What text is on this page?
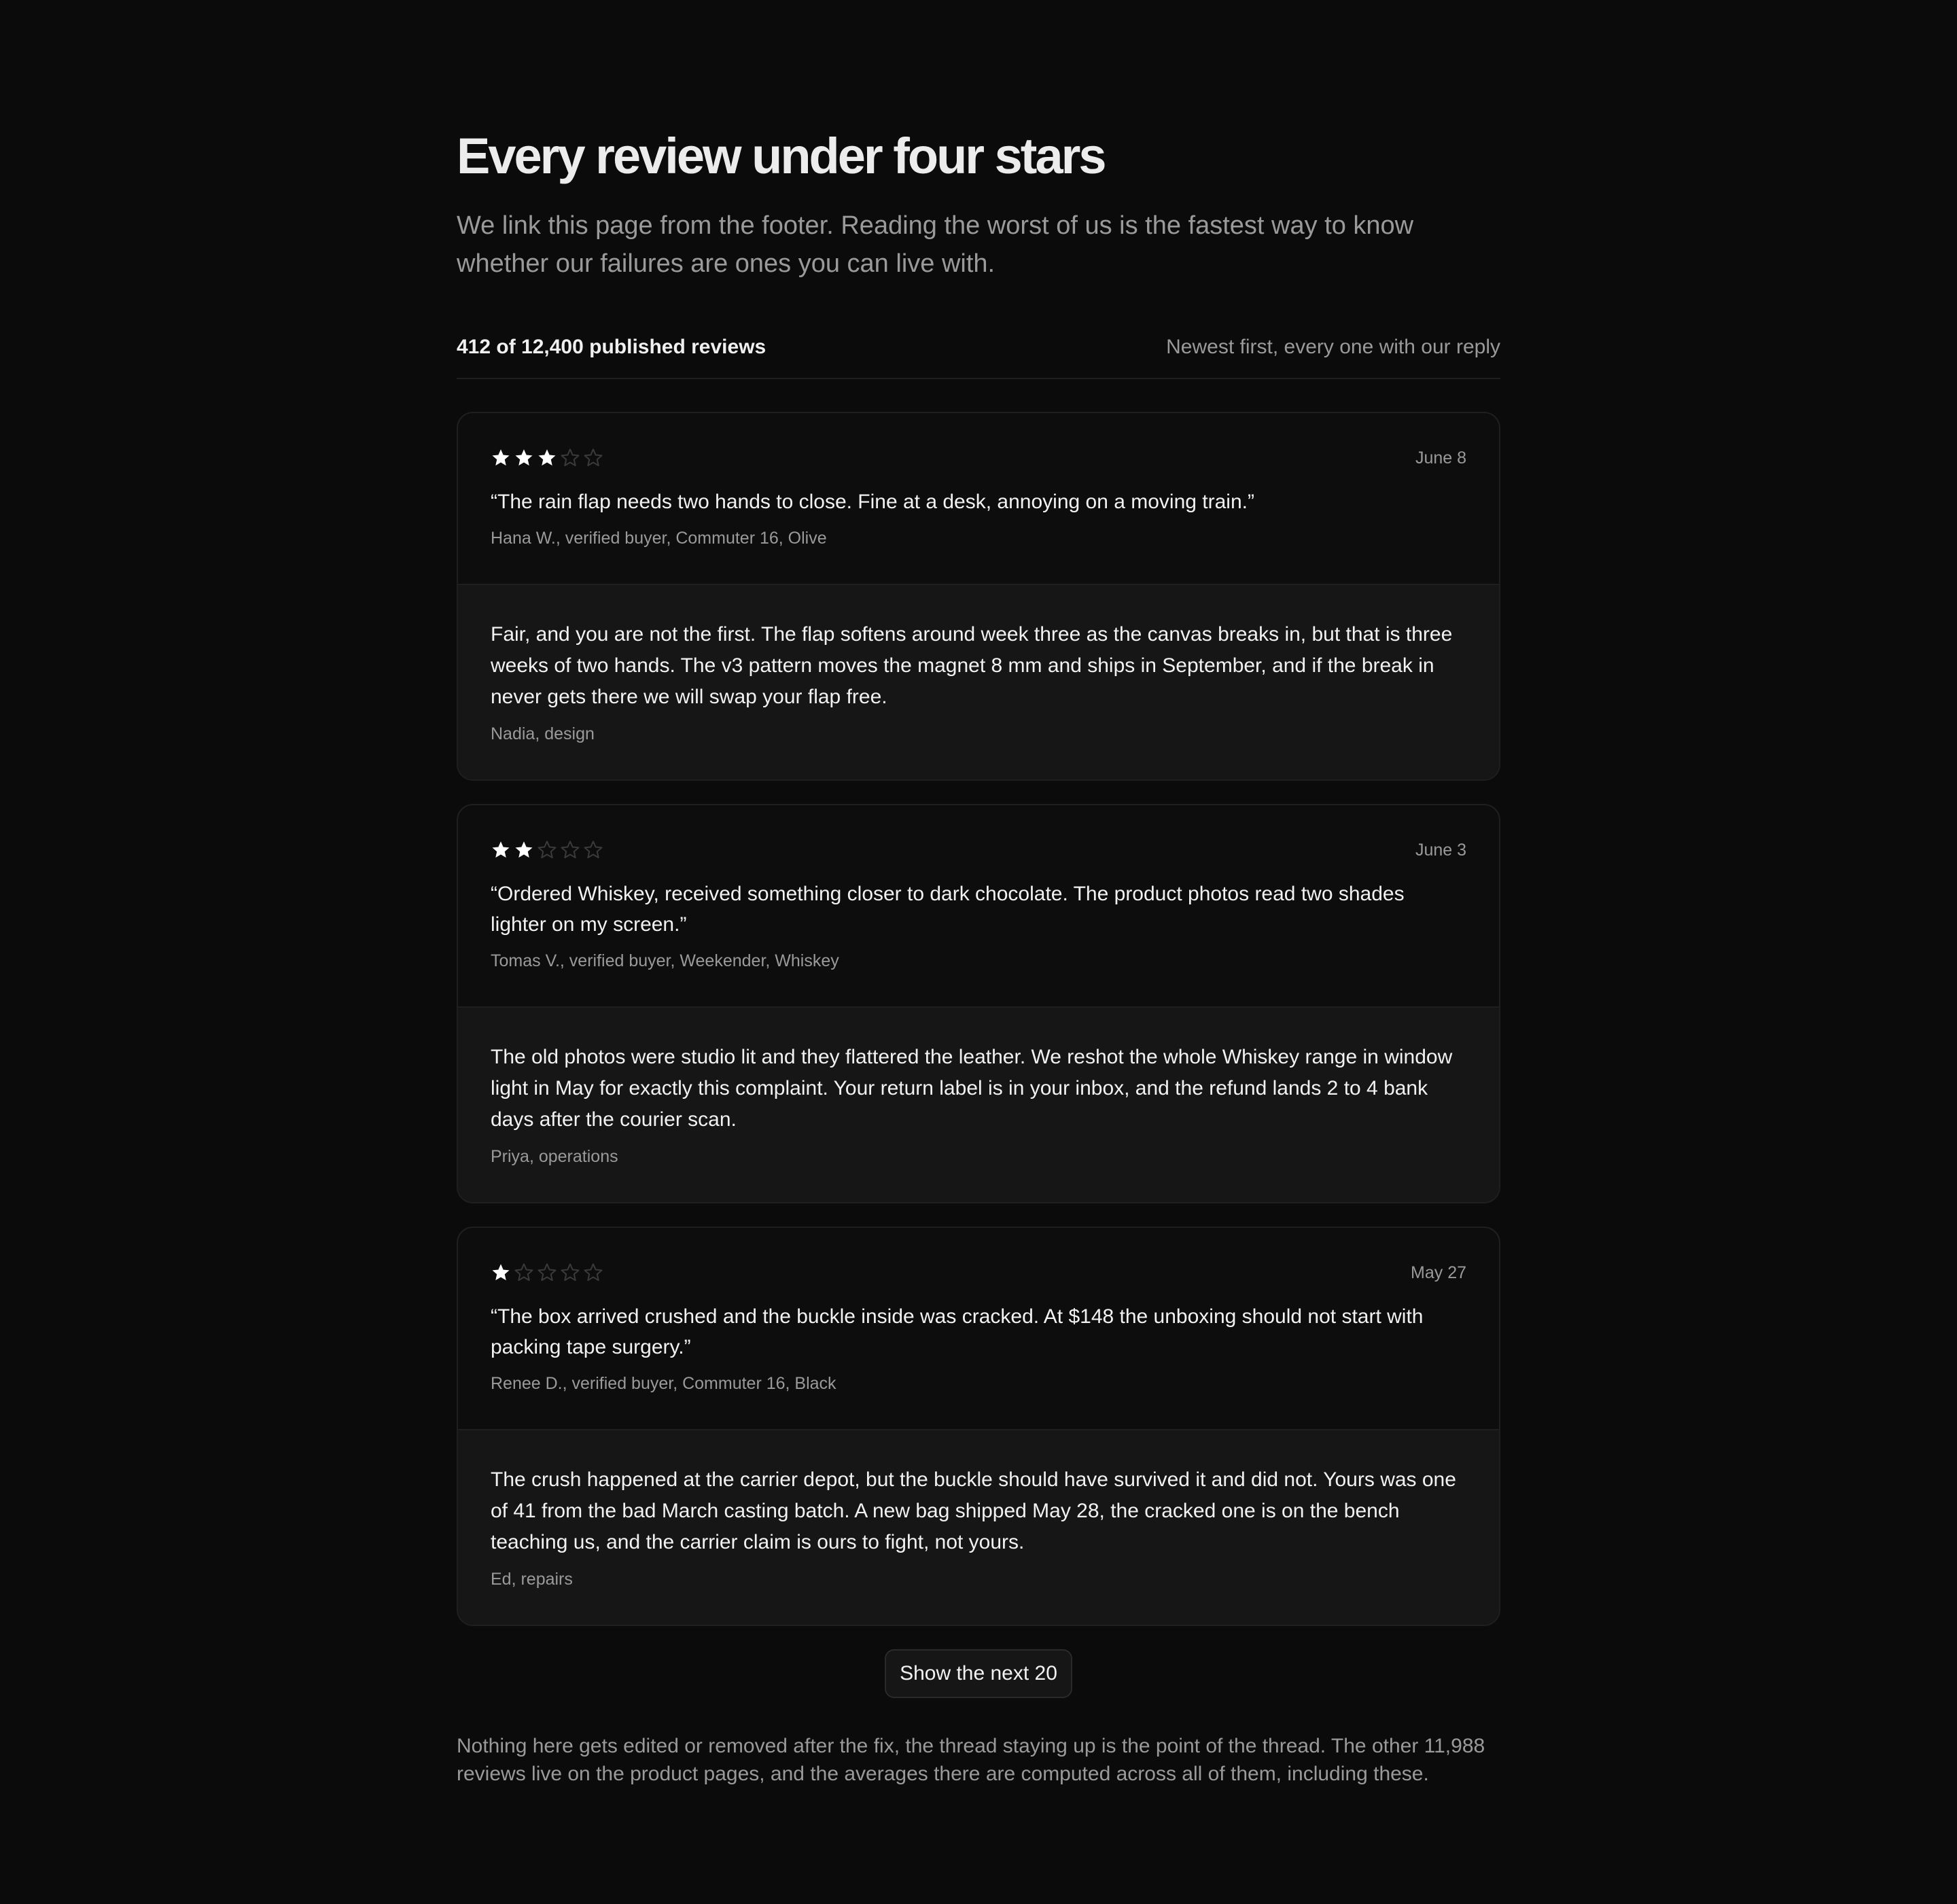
Every review under four stars

We link this page from the footer. Reading the worst of us is the fastest way to know whether our failures are ones you can live with.

412 of 12,400 published reviews	Newest first, every one with our reply
June 8
“The rain flap needs two hands to close. Fine at a desk, annoying on a moving train.”
Hana W., verified buyer, Commuter 16, Olive
Fair, and you are not the first. The flap softens around week three as the canvas breaks in, but that is three weeks of two hands. The v3 pattern moves the magnet 8 mm and ships in September, and if the break in never gets there we will swap your flap free.
Nadia, design
June 3
“Ordered Whiskey, received something closer to dark chocolate. The product photos read two shades lighter on my screen.”
Tomas V., verified buyer, Weekender, Whiskey
The old photos were studio lit and they flattered the leather. We reshot the whole Whiskey range in window light in May for exactly this complaint. Your return label is in your inbox, and the refund lands 2 to 4 bank days after the courier scan.
Priya, operations
May 27
“The box arrived crushed and the buckle inside was cracked. At $148 the unboxing should not start with packing tape surgery.”
Renee D., verified buyer, Commuter 16, Black
The crush happened at the carrier depot, but the buckle should have survived it and did not. Yours was one of 41 from the bad March casting batch. A new bag shipped May 28, the cracked one is on the bench teaching us, and the carrier claim is ours to fight, not yours.
Ed, repairs
Show the next 20

Nothing here gets edited or removed after the fix, the thread staying up is the point of the thread. The other 11,988 reviews live on the product pages, and the averages there are computed across all of them, including these.
